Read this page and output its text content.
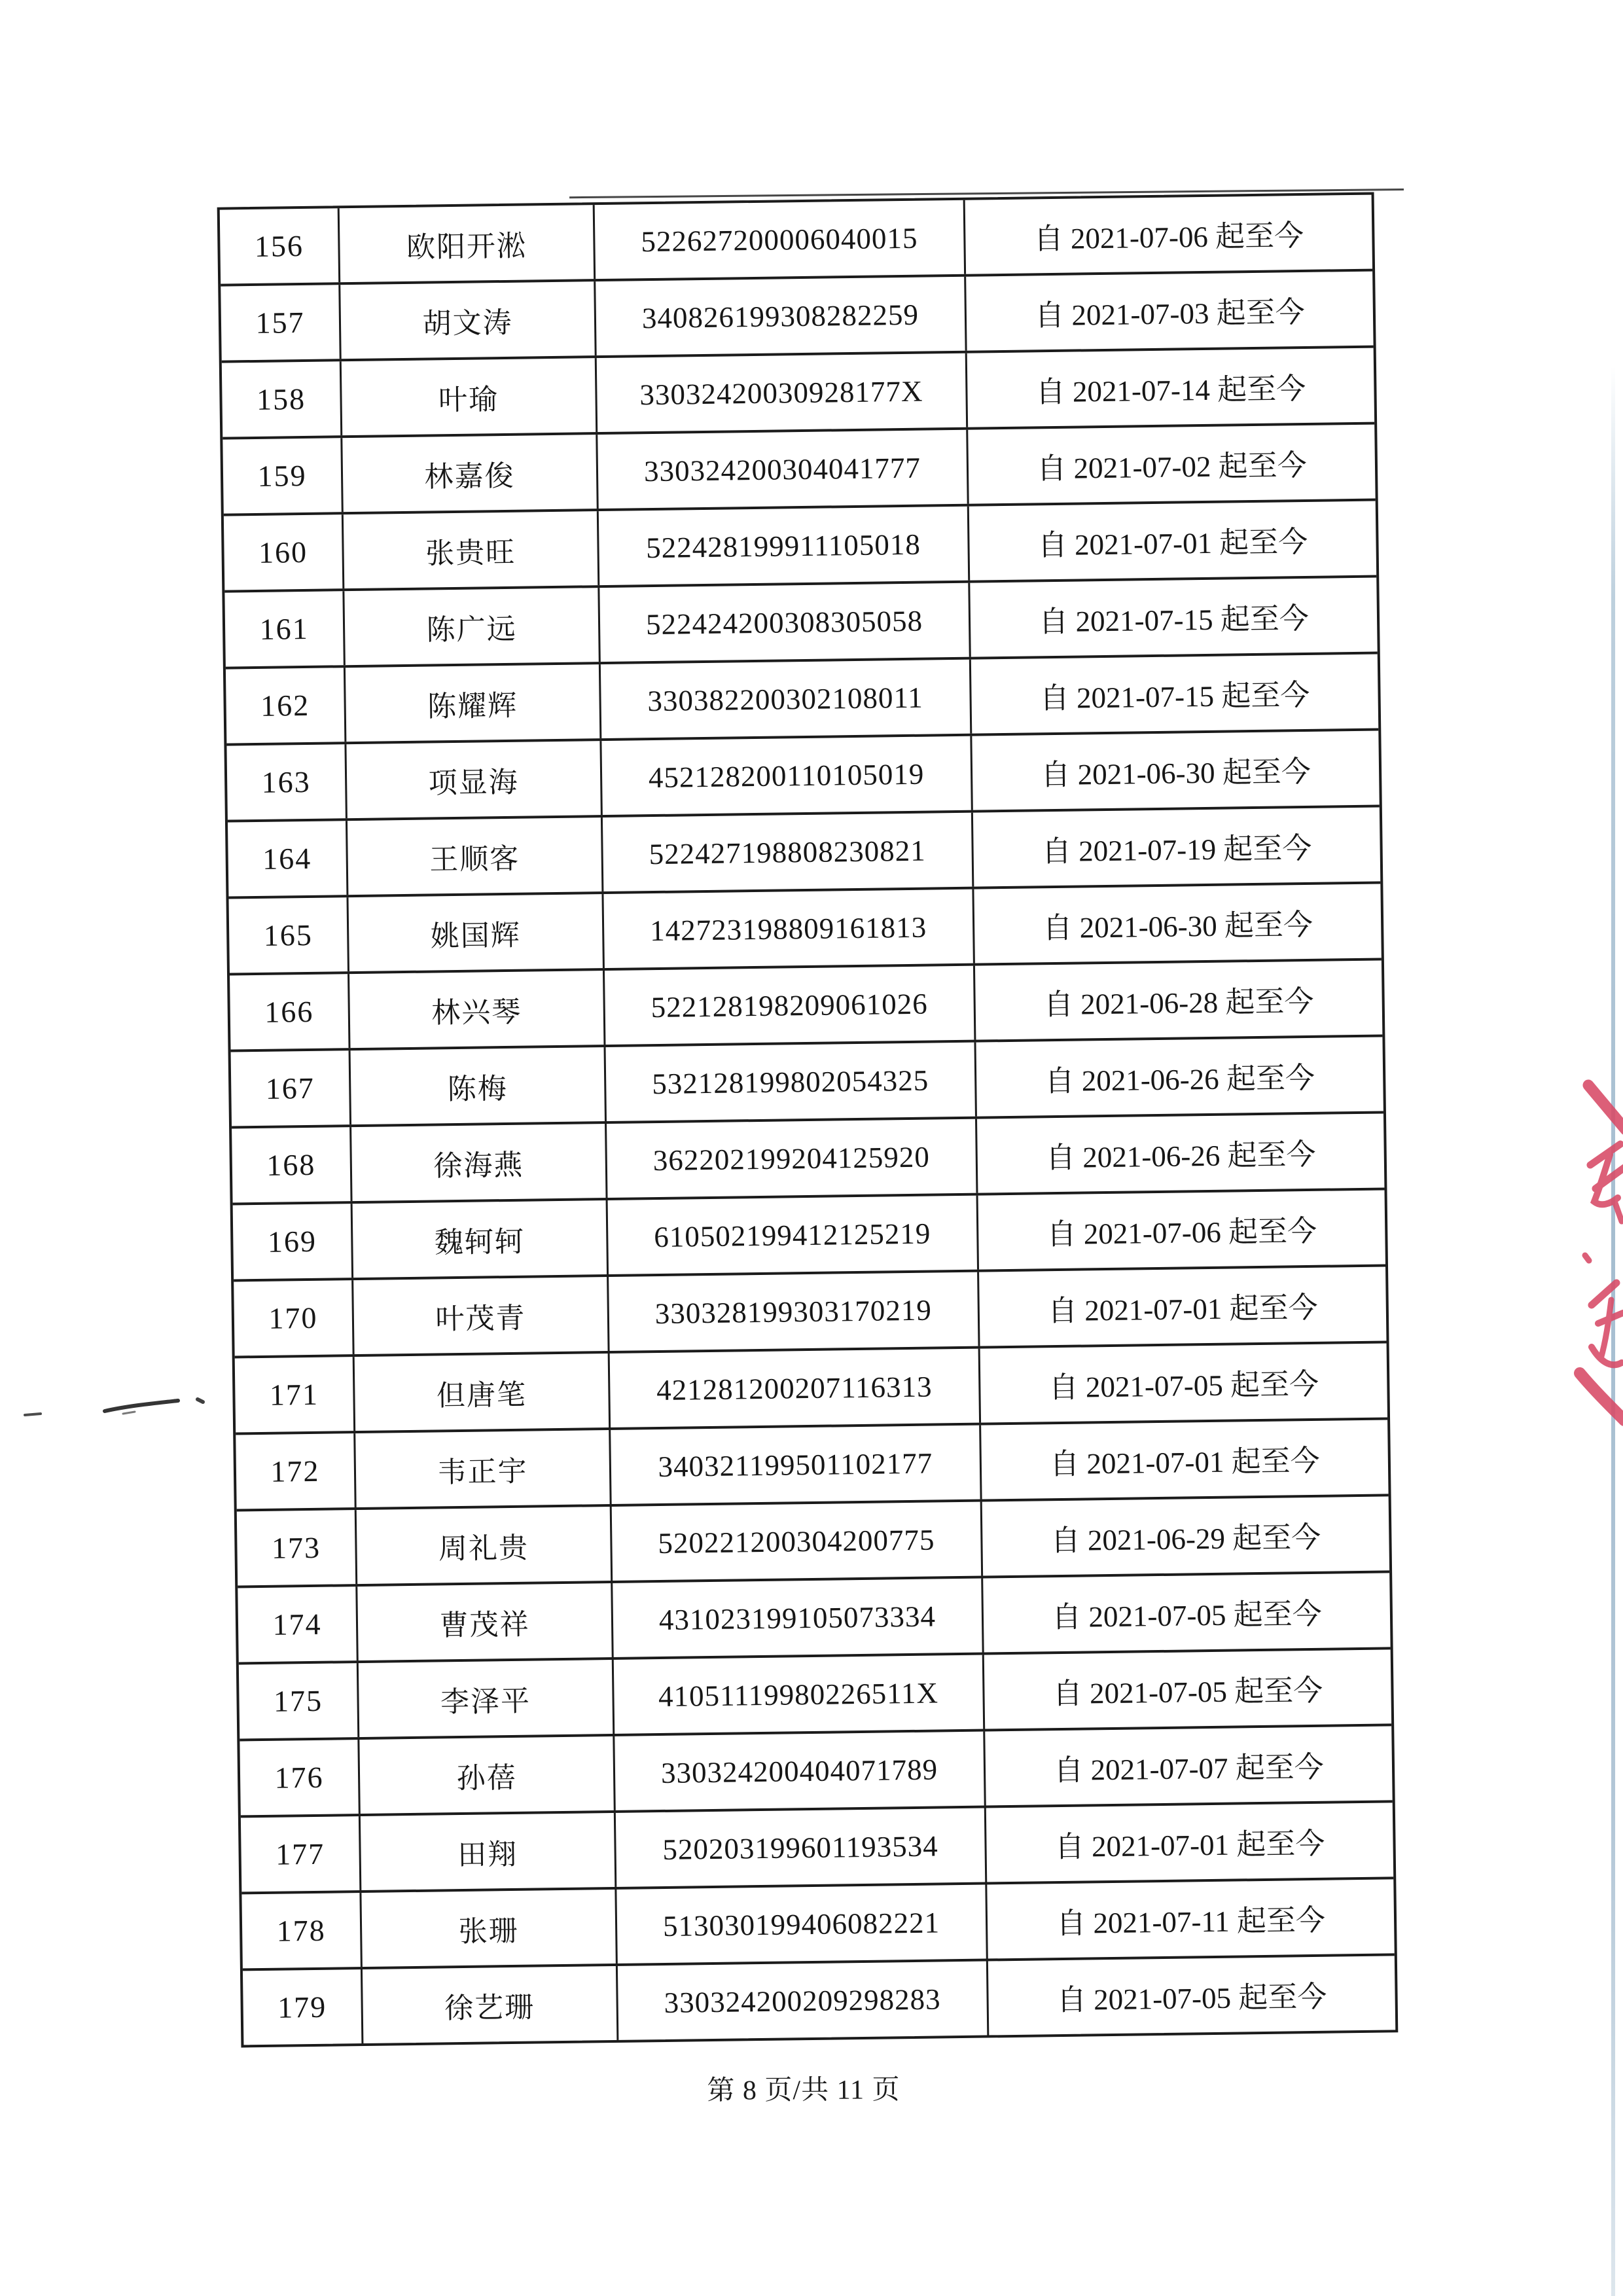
156	欧阳开淞	522627200006040015	自 2021-07-06 起至今
157	胡文涛	340826199308282259	自 2021-07-03 起至今
158	叶瑜	33032420030928177X	自 2021-07-14 起至今
159	林嘉俊	330324200304041777	自 2021-07-02 起至今
160	张贵旺	522428199911105018	自 2021-07-01 起至今
161	陈广远	522424200308305058	自 2021-07-15 起至今
162	陈耀辉	330382200302108011	自 2021-07-15 起至今
163	项显海	452128200110105019	自 2021-06-30 起至今
164	王顺客	522427198808230821	自 2021-07-19 起至今
165	姚国辉	142723198809161813	自 2021-06-30 起至今
166	林兴琴	522128198209061026	自 2021-06-28 起至今
167	陈梅	532128199802054325	自 2021-06-26 起至今
168	徐海燕	362202199204125920	自 2021-06-26 起至今
169	魏轲轲	610502199412125219	自 2021-07-06 起至今
170	叶茂青	330328199303170219	自 2021-07-01 起至今
171	但唐笔	421281200207116313	自 2021-07-05 起至今
172	韦正宇	340321199501102177	自 2021-07-01 起至今
173	周礼贵	520221200304200775	自 2021-06-29 起至今
174	曹茂祥	431023199105073334	自 2021-07-05 起至今
175	李泽平	41051119980226511X	自 2021-07-05 起至今
176	孙蓓	330324200404071789	自 2021-07-07 起至今
177	田翔	520203199601193534	自 2021-07-01 起至今
178	张珊	513030199406082221	自 2021-07-11 起至今
179	徐艺珊	330324200209298283	自 2021-07-05 起至今
第 8 页/共 11 页
